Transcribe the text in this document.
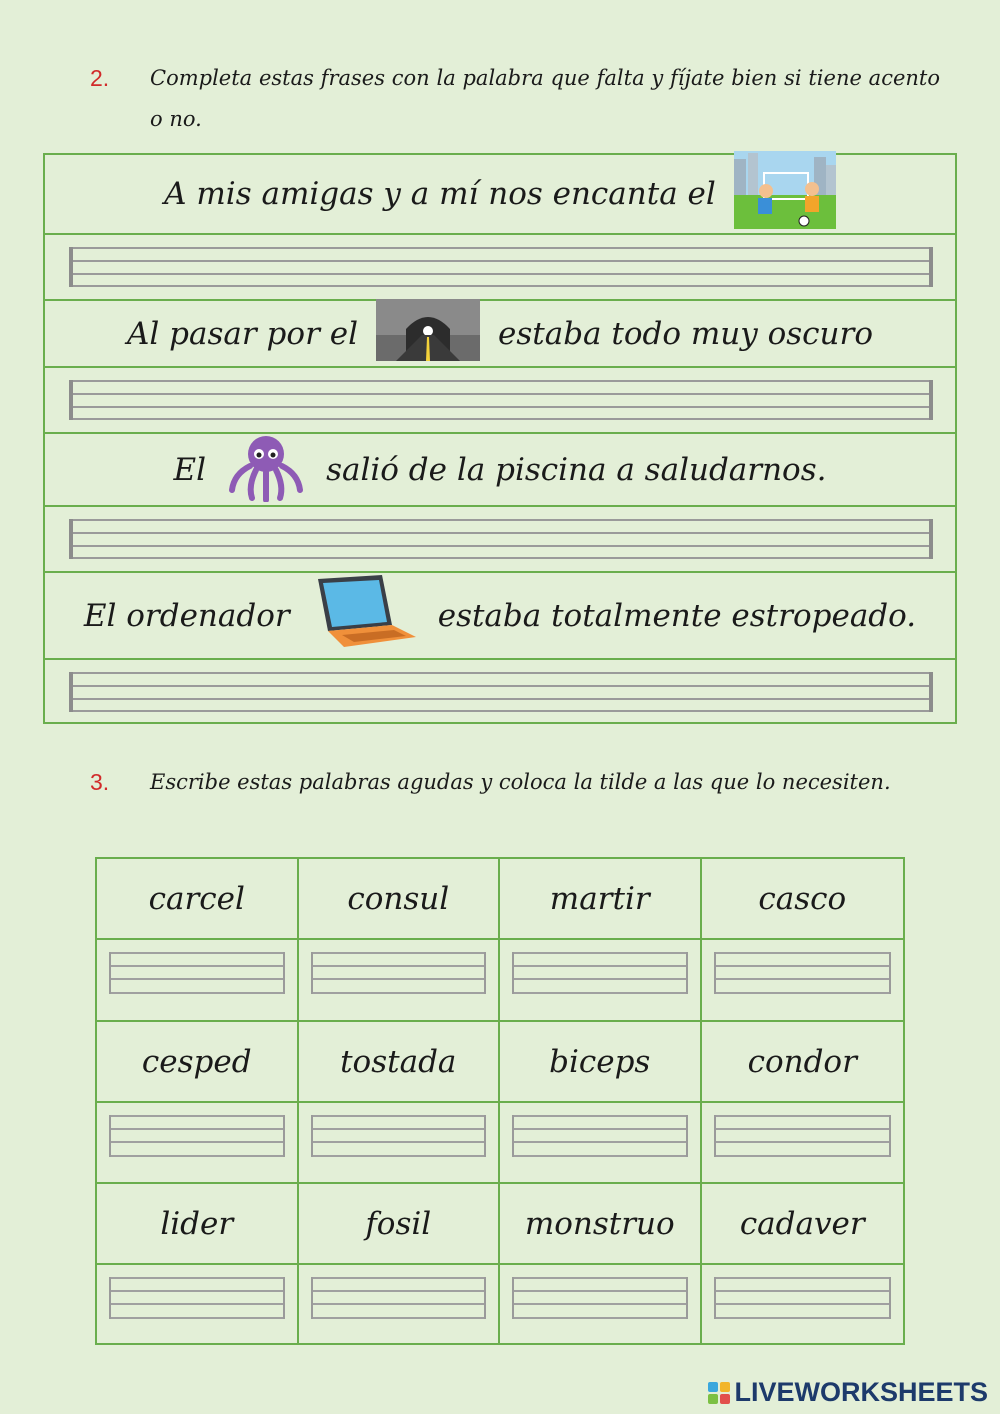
2. Completa estas frases con la palabra que falta y fíjate bien si tiene acento o no.
A mis amigas y a mí nos encanta el
Al pasar por el	estaba todo muy oscuro
El	salió de la piscina a saludarnos.
El ordenador	estaba totalmente estropeado.
3. Escribe estas palabras agudas y coloca la tilde a las que lo necesiten.
carcel	consul	martir	casco
cesped	tostada	biceps	condor
lider	fosil	monstruo	cadaver
LIVEWORKSHEETS
